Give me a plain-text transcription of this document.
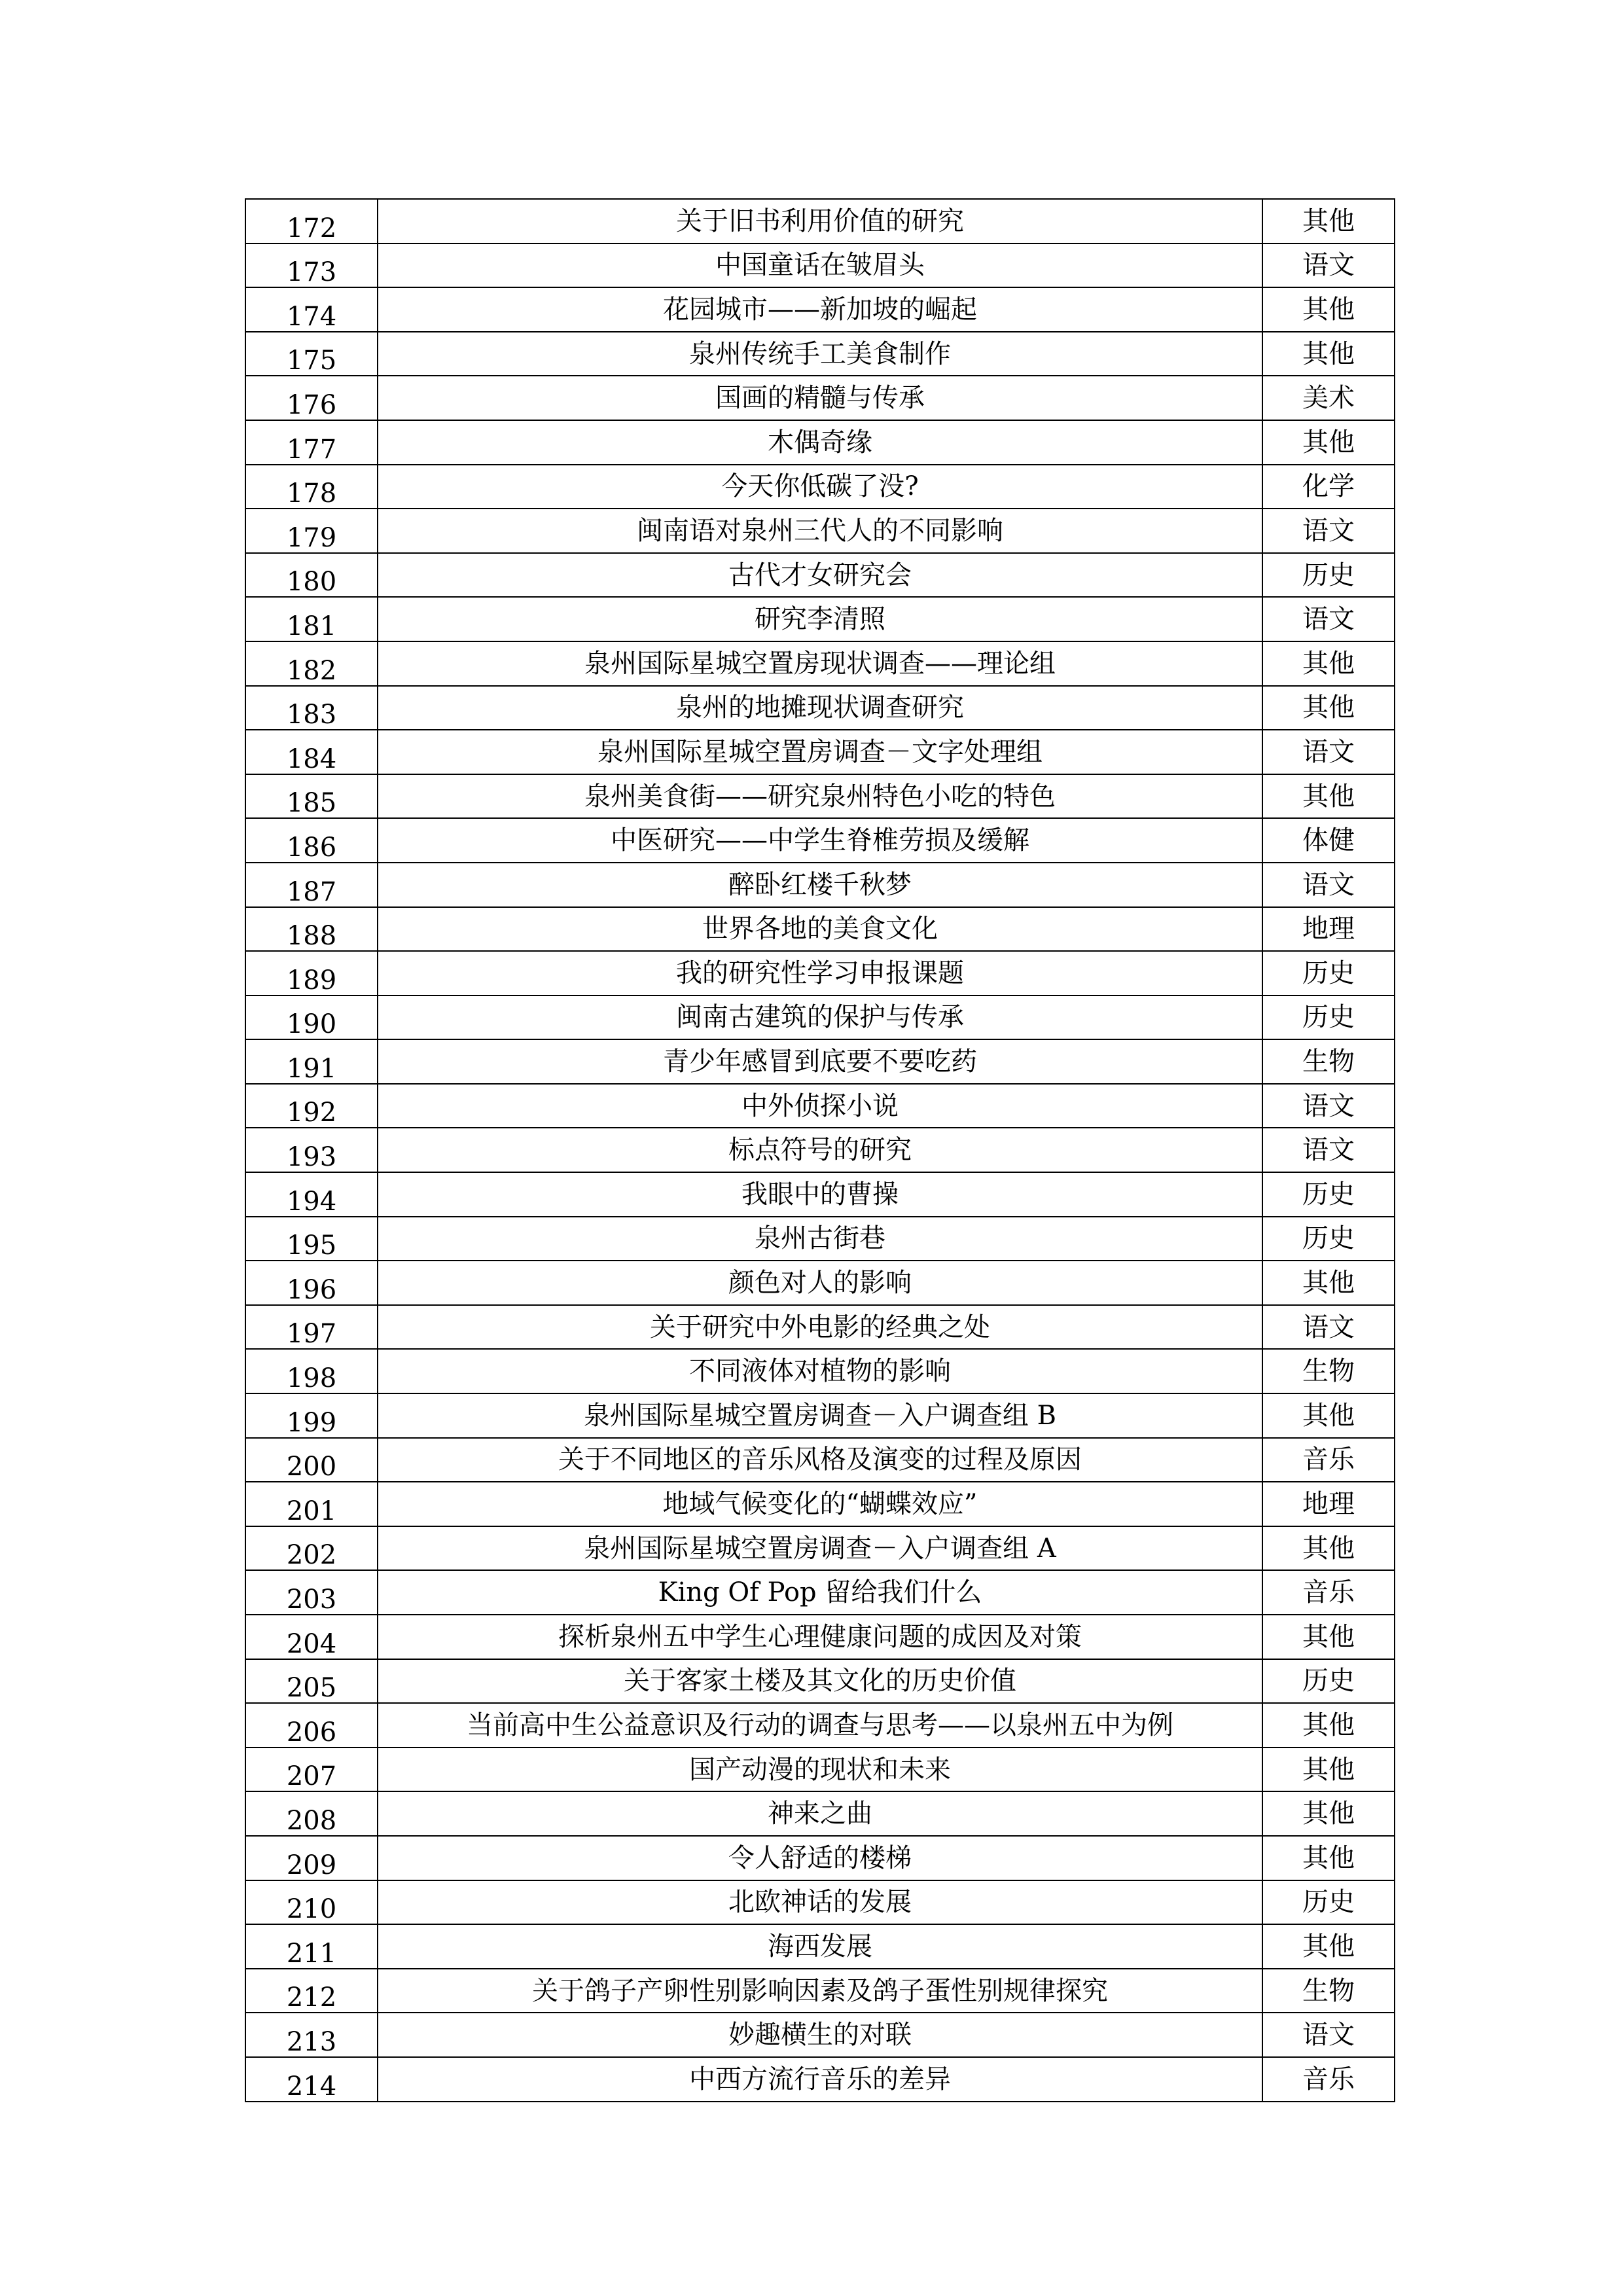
172	关于旧书利用价值的研究	其他
173	中国童话在皱眉头	语文
174	花园城市——新加坡的崛起	其他
175	泉州传统手工美食制作	其他
176	国画的精髓与传承	美术
177	木偶奇缘	其他
178	今天你低碳了没?	化学
179	闽南语对泉州三代人的不同影响	语文
180	古代才女研究会	历史
181	研究李清照	语文
182	泉州国际星城空置房现状调查——理论组	其他
183	泉州的地摊现状调查研究	其他
184	泉州国际星城空置房调查－文字处理组	语文
185	泉州美食街——研究泉州特色小吃的特色	其他
186	中医研究——中学生脊椎劳损及缓解	体健
187	醉卧红楼千秋梦	语文
188	世界各地的美食文化	地理
189	我的研究性学习申报课题	历史
190	闽南古建筑的保护与传承	历史
191	青少年感冒到底要不要吃药	生物
192	中外侦探小说	语文
193	标点符号的研究	语文
194	我眼中的曹操	历史
195	泉州古街巷	历史
196	颜色对人的影响	其他
197	关于研究中外电影的经典之处	语文
198	不同液体对植物的影响	生物
199	泉州国际星城空置房调查－入户调查组 B	其他
200	关于不同地区的音乐风格及演变的过程及原因	音乐
201	地域气候变化的“蝴蝶效应”	地理
202	泉州国际星城空置房调查－入户调查组 A	其他
203	King Of Pop 留给我们什么	音乐
204	探析泉州五中学生心理健康问题的成因及对策	其他
205	关于客家土楼及其文化的历史价值	历史
206	当前高中生公益意识及行动的调查与思考——以泉州五中为例	其他
207	国产动漫的现状和未来	其他
208	神来之曲	其他
209	令人舒适的楼梯	其他
210	北欧神话的发展	历史
211	海西发展	其他
212	关于鸽子产卵性别影响因素及鸽子蛋性别规律探究	生物
213	妙趣横生的对联	语文
214	中西方流行音乐的差异	音乐
